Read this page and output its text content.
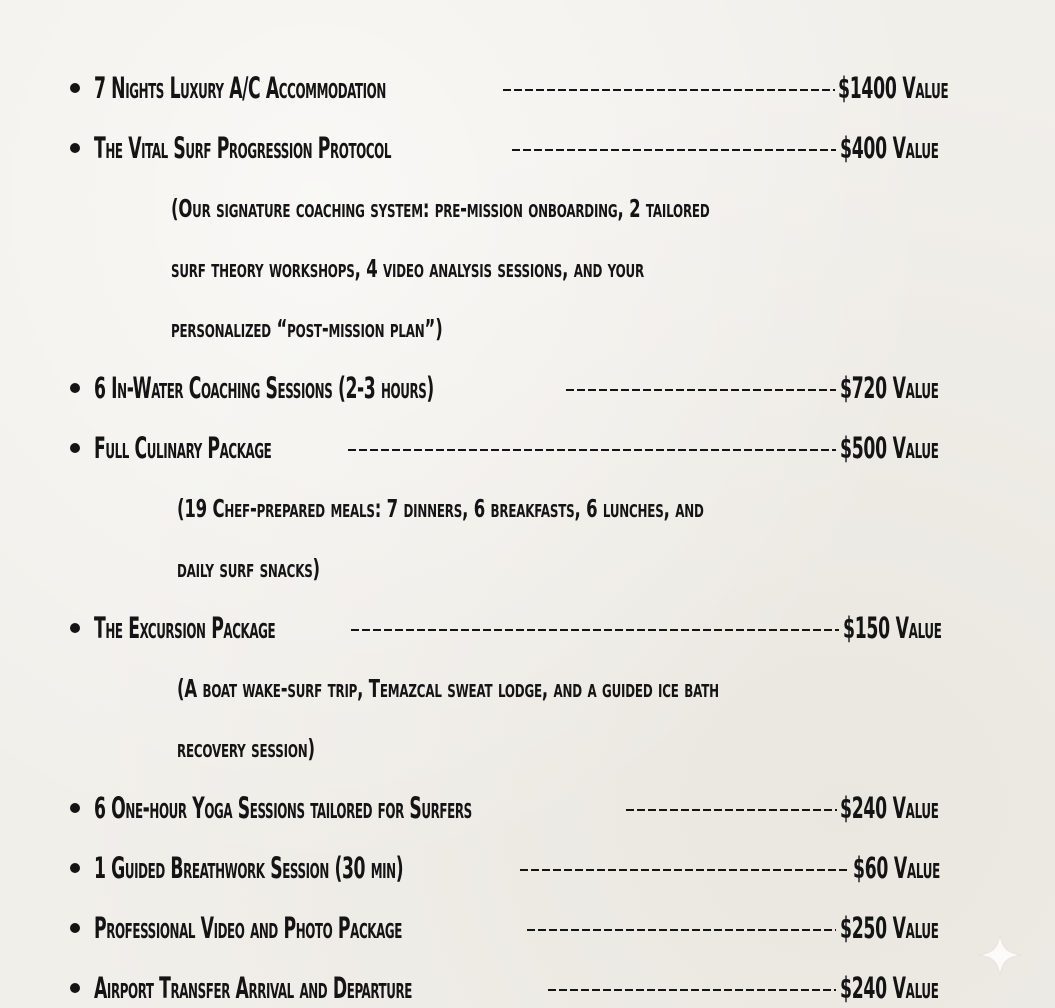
7 Nights Luxury A/C Accommodation	$1400 Value
The Vital Surf Progression Protocol	$400 Value
(Our signature coaching system: pre-mission onboarding, 2 tailored
surf theory workshops, 4 video analysis sessions, and your
personalized “post-mission plan”)
6 In-Water Coaching Sessions (2-3 hours)	$720 Value
Full Culinary Package	$500 Value
(19 Chef-prepared meals: 7 dinners, 6 breakfasts, 6 lunches, and
daily surf snacks)
The Excursion Package	$150 Value
(A boat wake-surf trip, Temazcal sweat lodge, and a guided ice bath
recovery session)
6 One-hour Yoga Sessions tailored for Surfers	$240 Value
1 Guided Breathwork Session (30 min)	$60 Value
Professional Video and Photo Package	$250 Value
Airport Transfer Arrival and Departure	$240 Value
